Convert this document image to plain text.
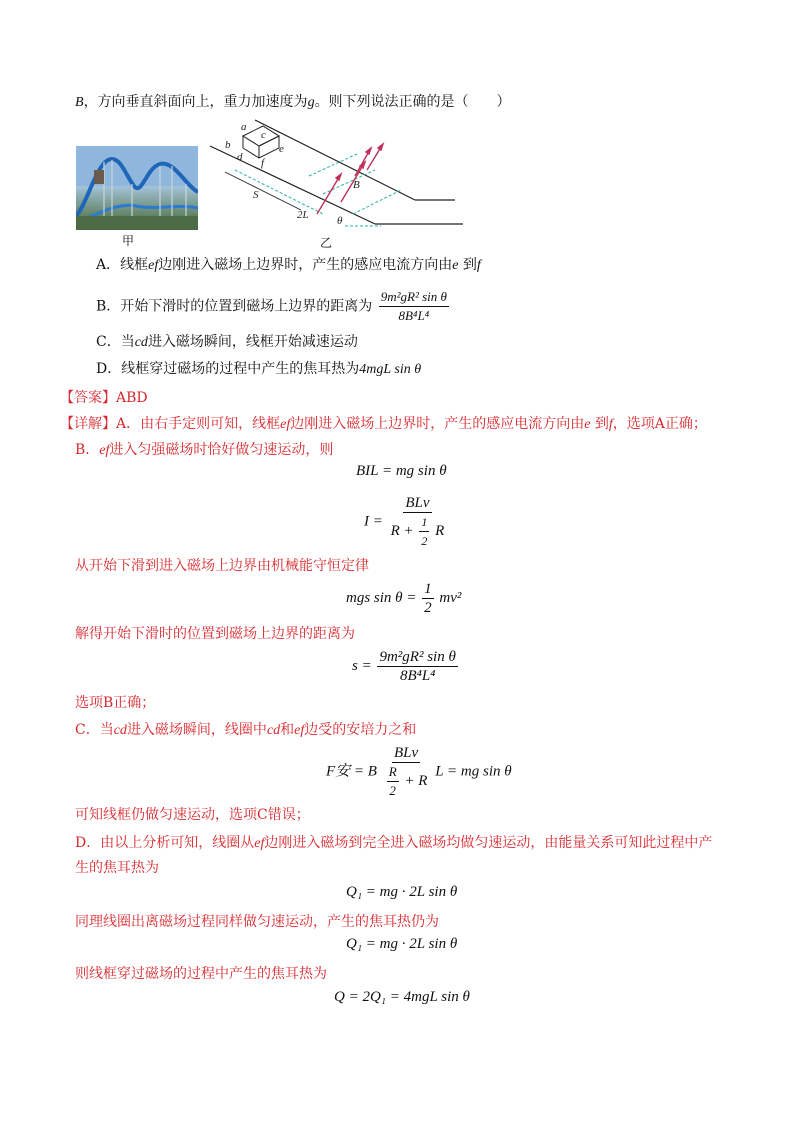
B，方向垂直斜面向上，重力加速度为g。则下列说法正确的是（　　）
甲
a
b
c
d
e
f
S
2L
B
θ
乙
A．线框ef边刚进入磁场上边界时，产生的感应电流方向由e 到f
B．开始下滑时的位置到磁场上边界的距离为 $\frac{\text{9m²gR² sin θ}}{\text{8B⁴L⁴}}$
C．当cd进入磁场瞬间，线框开始减速运动
D．线框穿过磁场的过程中产生的焦耳热为4mgL sin θ
【答案】ABD
【详解】A．由右手定则可知，线框ef边刚进入磁场上边界时，产生的感应电流方向由e 到f，选项A正确；
B．ef进入匀强磁场时恰好做匀速运动，则
BIL = mg sin θ
$I = \frac{\text{BLv}}{R + \frac{1}{2} R}$
从开始下滑到进入磁场上边界由机械能守恒定律
mgs $\sin \theta = \frac{1}{2} mv^2$
解得开始下滑时的位置到磁场上边界的距离为
$s = \frac{\text{9m²gR² sin θ}}{\text{8B⁴L⁴}}$
选项B正确；
C．当cd进入磁场瞬间，线圈中cd和ef边受的安培力之和
F安 = B $\frac{\text{BLv}}{\frac{R}{2} + R}$ L = mg sin θ
可知线框仍做匀速运动，选项C错误；
D．由以上分析可知，线圈从ef边刚进入磁场到完全进入磁场均做匀速运动，由能量关系可知此过程中产
生的焦耳热为
Q₁ = mg · 2L sin θ
同理线圈出离磁场过程同样做匀速运动，产生的焦耳热仍为
Q₁ = mg · 2L sin θ
则线框穿过磁场的过程中产生的焦耳热为
Q = 2Q₁ = 4mgL sin θ
